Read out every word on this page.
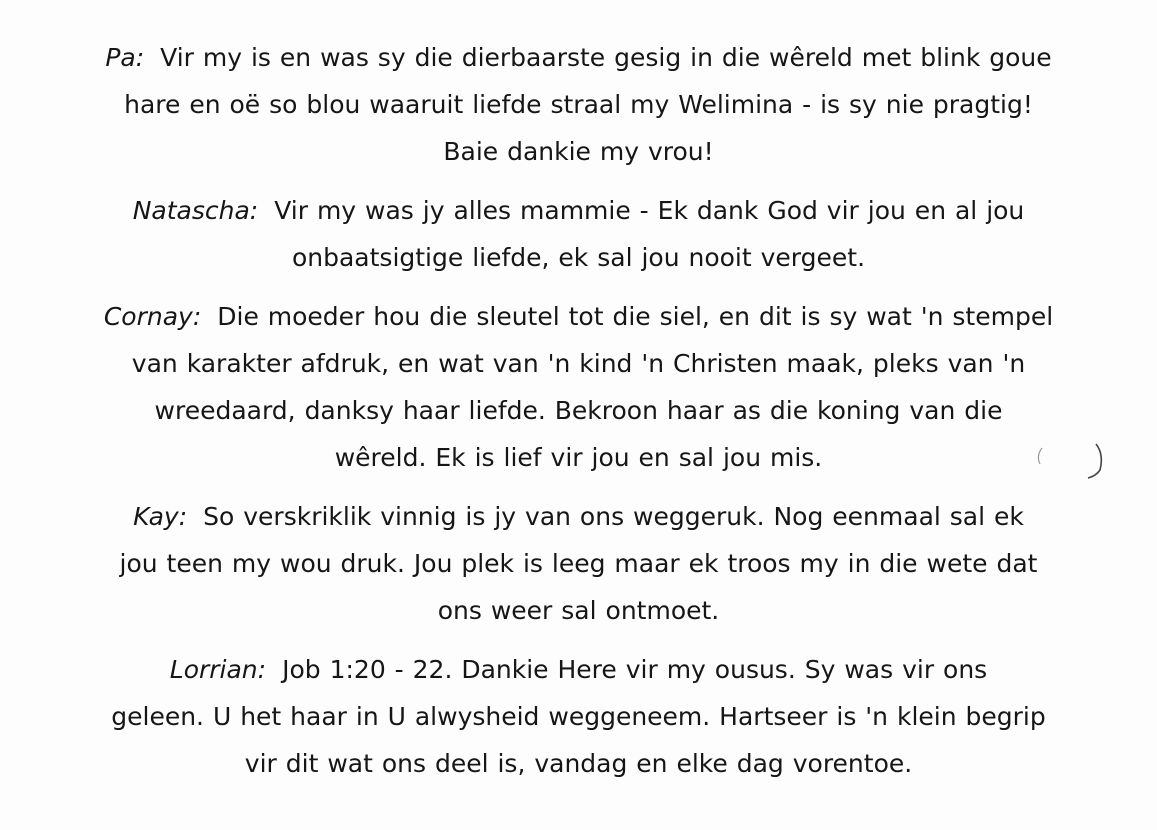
Pa: Vir my is en was sy die dierbaarste gesig in die wêreld met blink goue
hare en oë so blou waaruit liefde straal my Welimina - is sy nie pragtig!
Baie dankie my vrou!
Natascha: Vir my was jy alles mammie - Ek dank God vir jou en al jou
onbaatsigtige liefde, ek sal jou nooit vergeet.
Cornay: Die moeder hou die sleutel tot die siel, en dit is sy wat 'n stempel
van karakter afdruk, en wat van 'n kind 'n Christen maak, pleks van 'n
wreedaard, danksy haar liefde. Bekroon haar as die koning van die
wêreld. Ek is lief vir jou en sal jou mis.
Kay: So verskriklik vinnig is jy van ons weggeruk. Nog eenmaal sal ek
jou teen my wou druk. Jou plek is leeg maar ek troos my in die wete dat
ons weer sal ontmoet.
Lorrian: Job 1:20 - 22. Dankie Here vir my ousus. Sy was vir ons
geleen. U het haar in U alwysheid weggeneem. Hartseer is 'n klein begrip
vir dit wat ons deel is, vandag en elke dag vorentoe.
